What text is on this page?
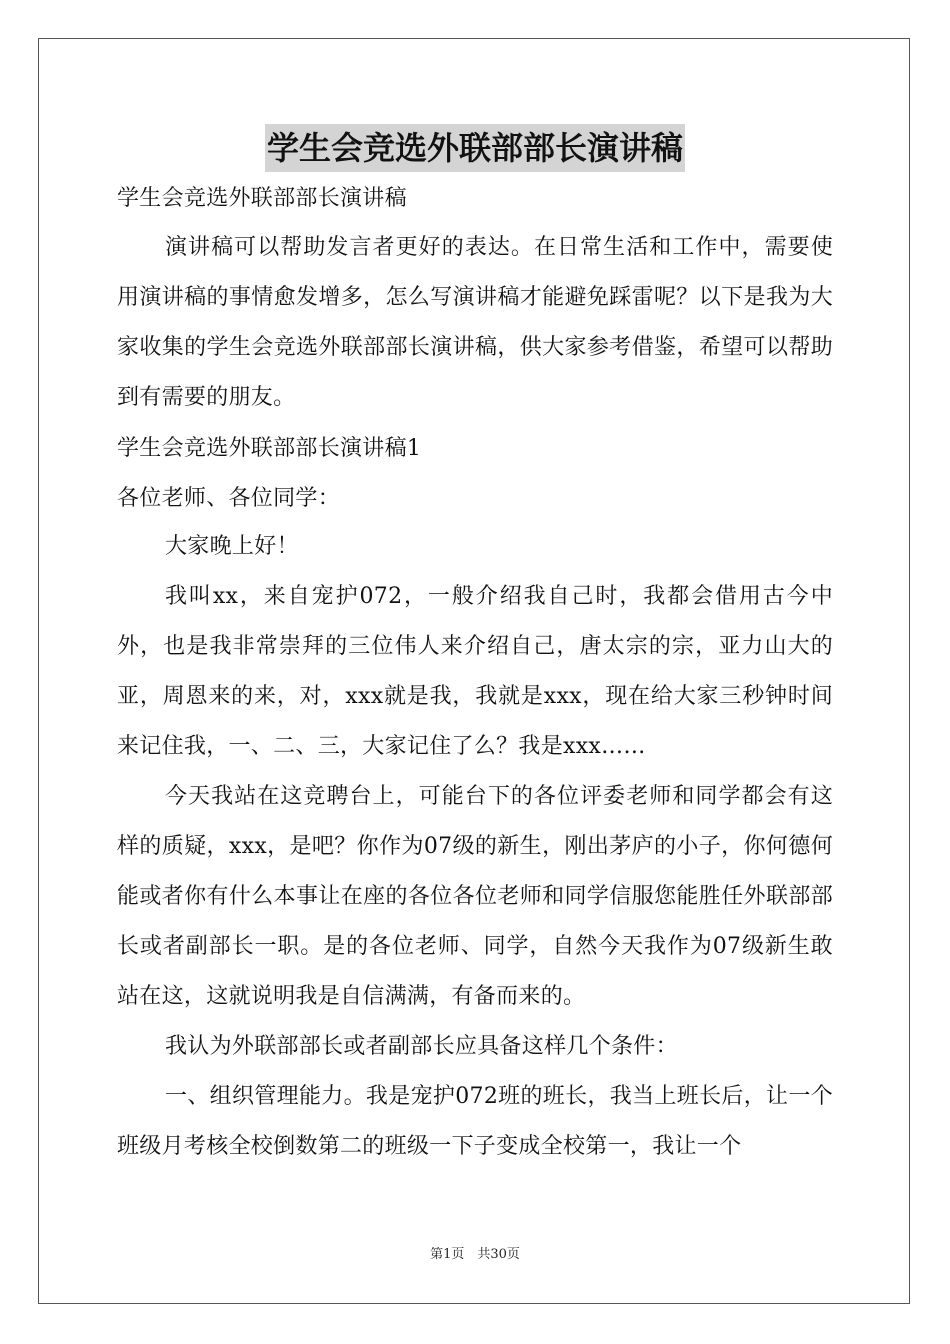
学生会竞选外联部部长演讲稿
学生会竞选外联部部长演讲稿
演讲稿可以帮助发言者更好的表达。在日常生活和工作中，需要使用演讲稿的事情愈发增多，怎么写演讲稿才能避免踩雷呢？以下是我为大家收集的学生会竞选外联部部长演讲稿，供大家参考借鉴，希望可以帮助到有需要的朋友。
学生会竞选外联部部长演讲稿1
各位老师、各位同学：
大家晚上好！
我叫xx，来自宠护072，一般介绍我自己时，我都会借用古今中外，也是我非常崇拜的三位伟人来介绍自己，唐太宗的宗，亚力山大的亚，周恩来的来，对，xxx就是我，我就是xxx，现在给大家三秒钟时间来记住我，一、二、三，大家记住了么？我是xxx……
今天我站在这竞聘台上，可能台下的各位评委老师和同学都会有这样的质疑，xxx，是吧？你作为07级的新生，刚出茅庐的小子，你何德何能或者你有什么本事让在座的各位各位老师和同学信服您能胜任外联部部长或者副部长一职。是的各位老师、同学，自然今天我作为07级新生敢站在这，这就说明我是自信满满，有备而来的。
我认为外联部部长或者副部长应具备这样几个条件：
一、组织管理能力。我是宠护072班的班长，我当上班长后，让一个班级月考核全校倒数第二的班级一下子变成全校第一，我让一个
第1页　共30页
